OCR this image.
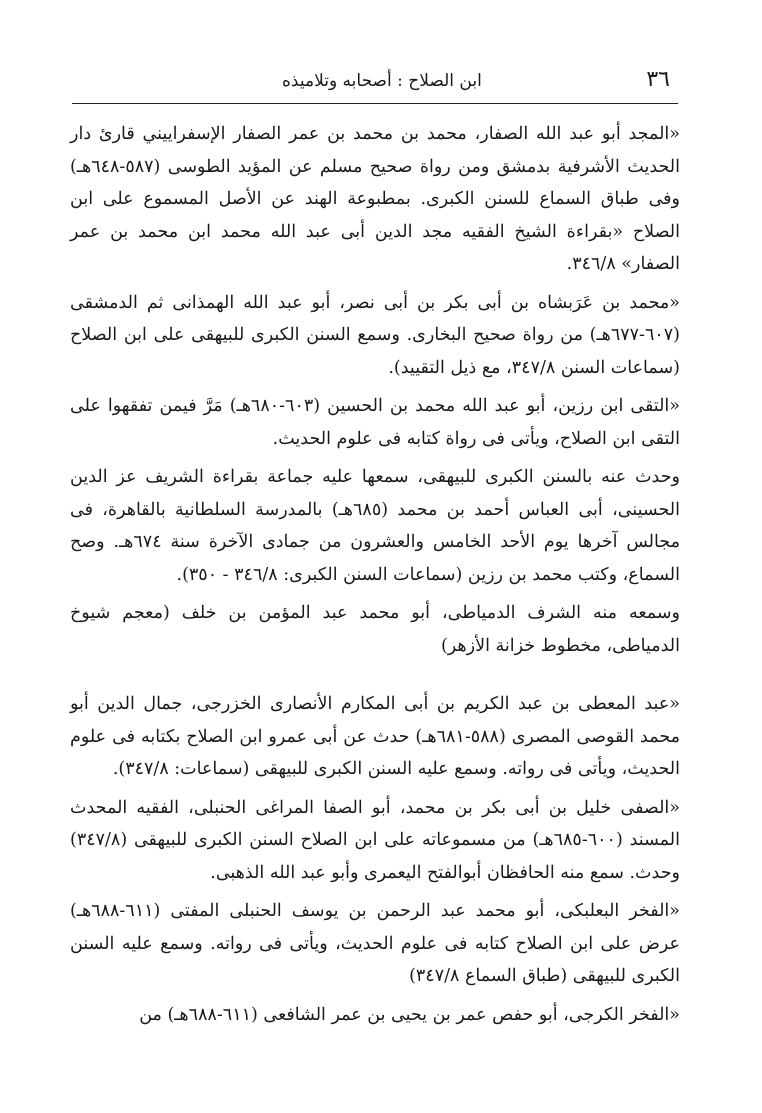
٣٦
ابن الصلاح : أصحابه وتلاميذه

«المجد أبو عبد الله الصفار، محمد بن محمد بن عمر الصفار الإسفراييني قارئ دار الحديث الأشرفية بدمشق ومن رواة صحيح مسلم عن المؤيد الطوسى (٥٨٧-٦٤٨هـ) وفى طباق السماع للسنن الكبرى. بمطبوعة الهند عن الأصل المسموع على ابن الصلاح «بقراءة الشيخ الفقيه مجد الدين أبى عبد الله محمد ابن محمد بن عمر الصفار» ٣٤٦/٨.

«محمد بن عَرَبشاه بن أبى بكر بن أبى نصر، أبو عبد الله الهمذانى ثم الدمشقى (٦٠٧-٦٧٧هـ) من رواة صحيح البخارى. وسمع السنن الكبرى للبيهقى على ابن الصلاح (سماعات السنن ٣٤٧/٨، مع ذيل التقييد).

«التقى ابن رزين، أبو عبد الله محمد بن الحسين (٦٠٣-٦٨٠هـ) مَرَّ فيمن تفقهوا على التقى ابن الصلاح، ويأتى فى رواة كتابه فى علوم الحديث.

وحدث عنه بالسنن الكبرى للبيهقى، سمعها عليه جماعة بقراءة الشريف عز الدين الحسينى، أبى العباس أحمد بن محمد (٦٨٥هـ) بالمدرسة السلطانية بالقاهرة، فى مجالس آخرها يوم الأحد الخامس والعشرون من جمادى الآخرة سنة ٦٧٤هـ. وصح السماع، وكتب محمد بن رزين (سماعات السنن الكبرى: ٣٤٦/٨ - ٣٥٠).

وسمعه منه الشرف الدمياطى، أبو محمد عبد المؤمن بن خلف (معجم شيوخ الدمياطى، مخطوط خزانة الأزهر)

«عبد المعطى بن عبد الكريم بن أبى المكارم الأنصارى الخزرجى، جمال الدين أبو محمد القوصى المصرى (٥٨٨-٦٨١هـ) حدث عن أبى عمرو ابن الصلاح بكتابه فى علوم الحديث، ويأتى فى رواته. وسمع عليه السنن الكبرى للبيهقى (سماعات: ٣٤٧/٨).

«الصفى خليل بن أبى بكر بن محمد، أبو الصفا المراغى الحنبلى، الفقيه المحدث المسند (٦٠٠-٦٨٥هـ) من مسموعاته على ابن الصلاح السنن الكبرى للبيهقى (٣٤٧/٨) وحدث. سمع منه الحافظان أبوالفتح اليعمرى وأبو عبد الله الذهبى.

«الفخر البعلبكى، أبو محمد عبد الرحمن بن يوسف الحنبلى المفتى (٦١١-٦٨٨هـ) عرض على ابن الصلاح كتابه فى علوم الحديث، ويأتى فى رواته. وسمع عليه السنن الكبرى للبيهقى (طباق السماع ٣٤٧/٨)

«الفخر الكرجى، أبو حفص عمر بن يحيى بن عمر الشافعى (٦١١-٦٨٨هـ) من
